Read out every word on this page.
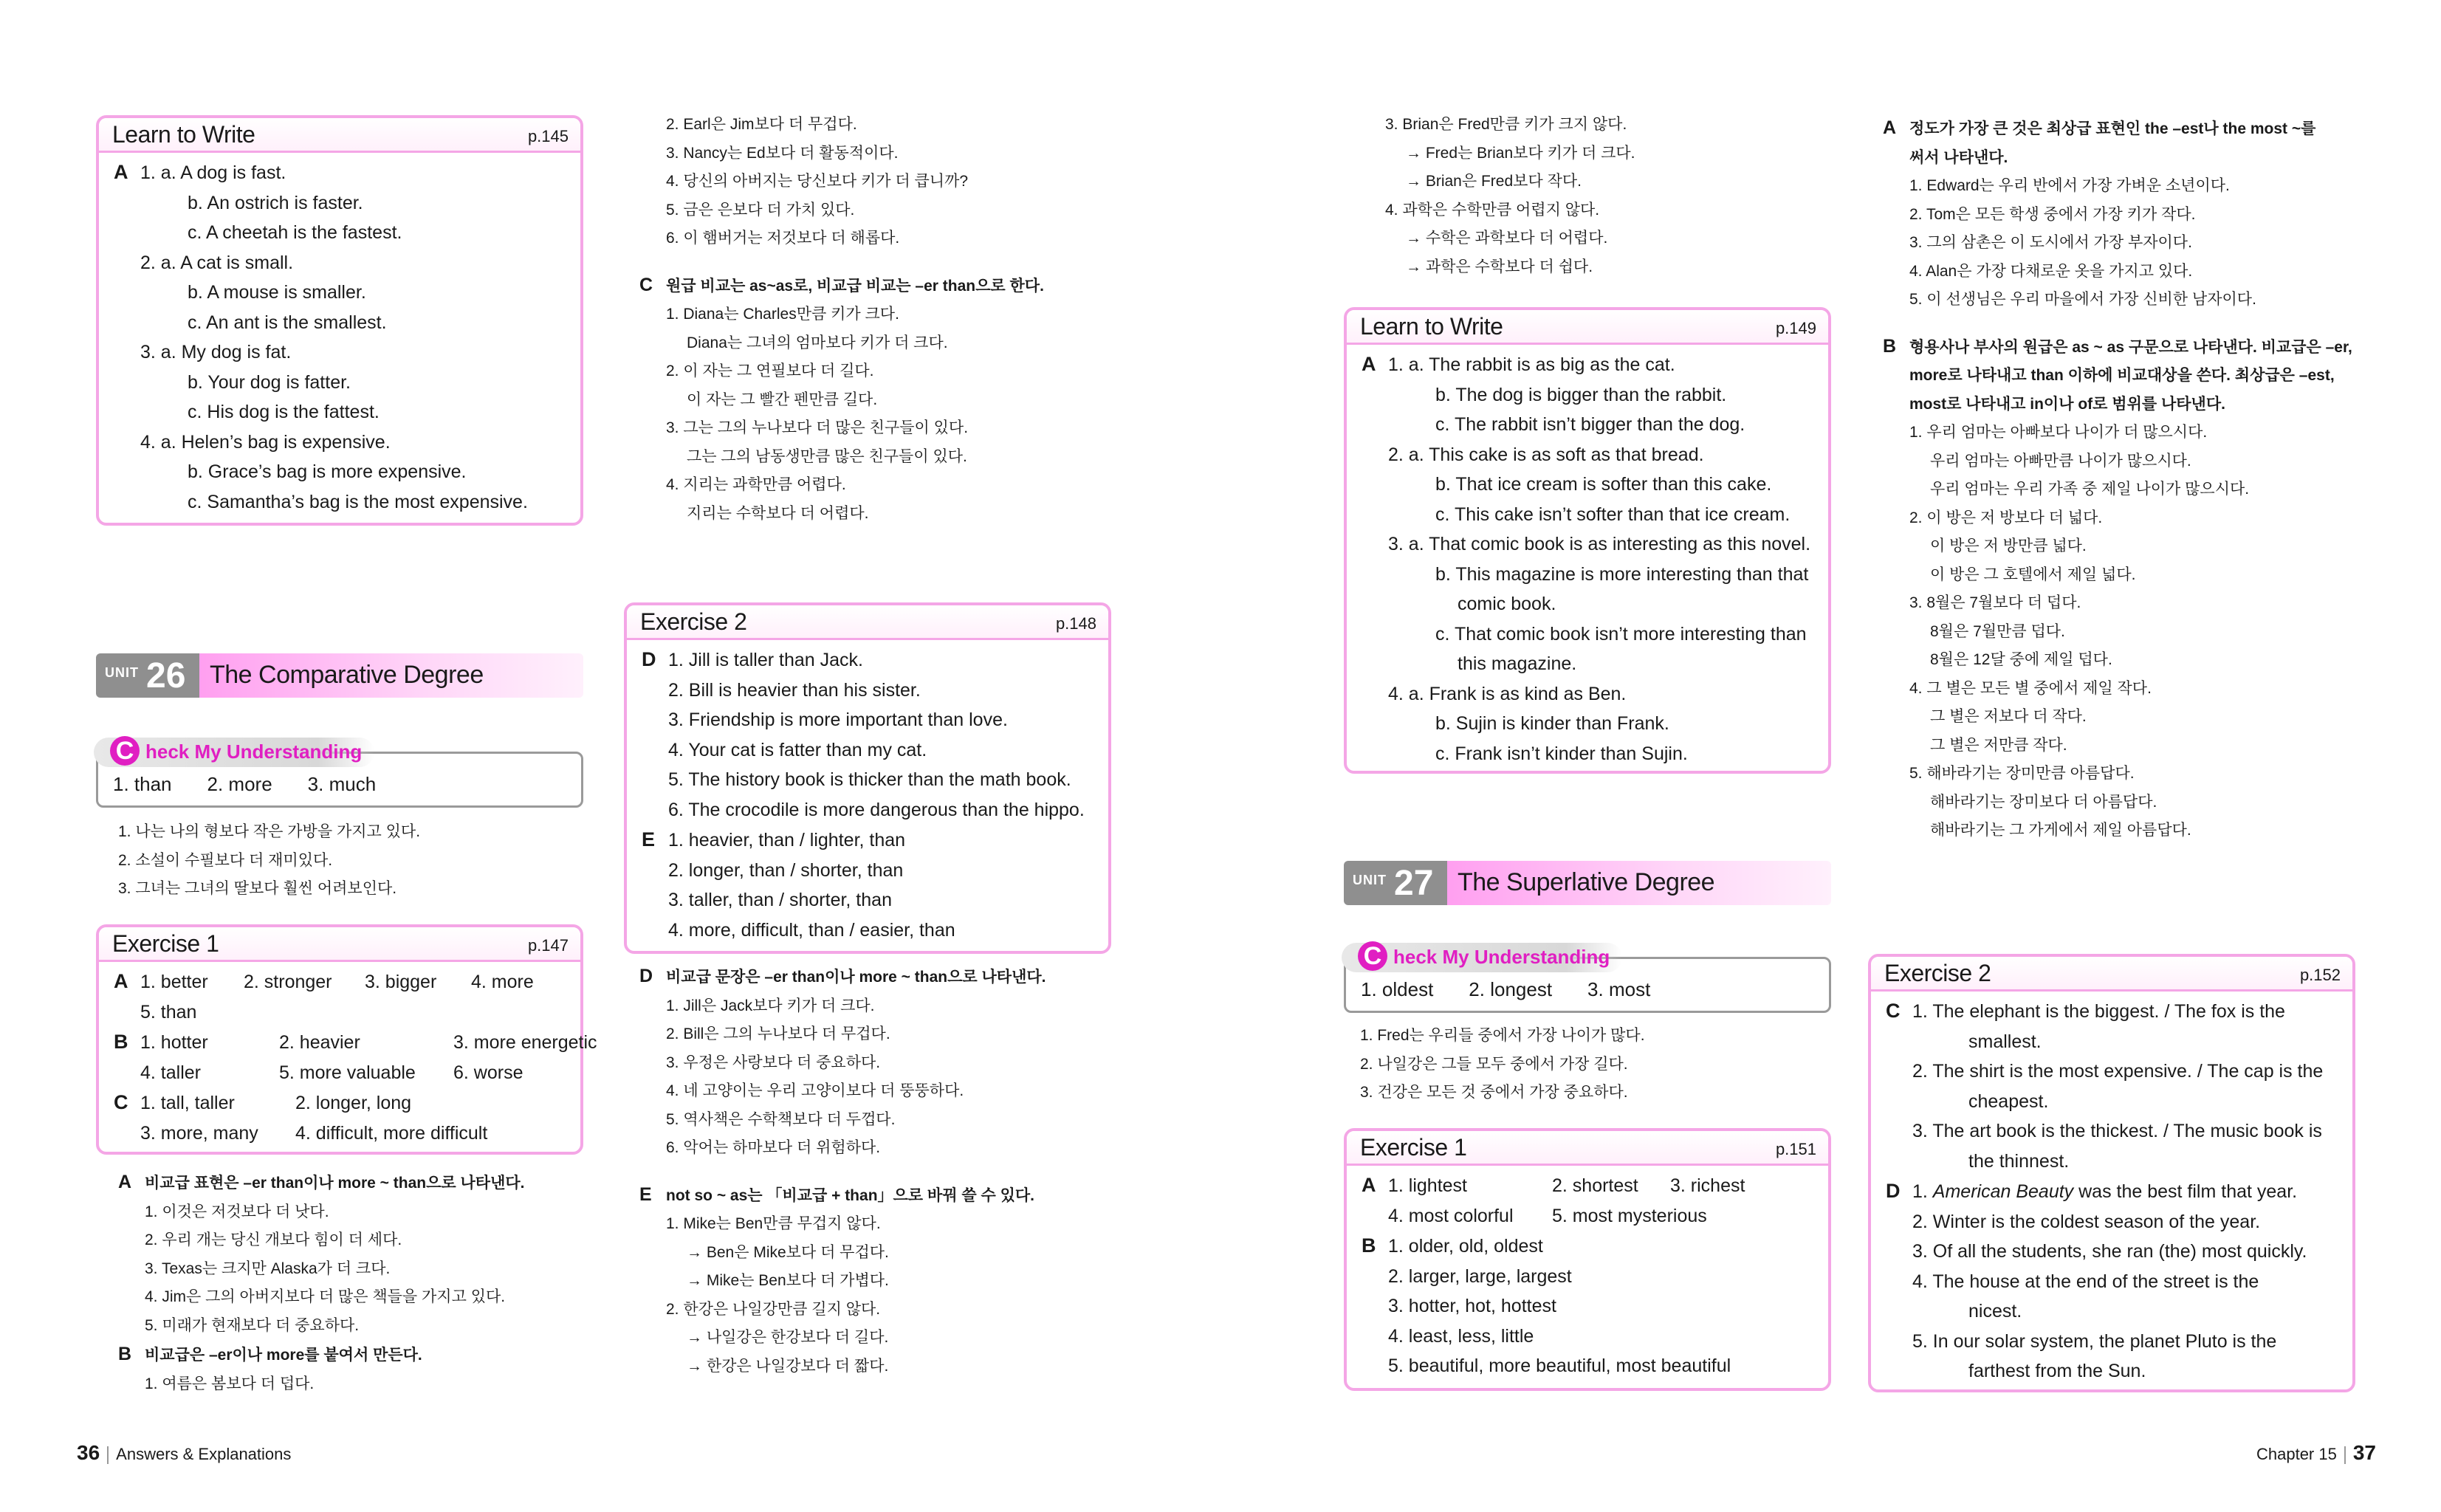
Learn to Write	p.145
A 1. a. A dog is fast.
b. An ostrich is faster.
c. A cheetah is the fastest.
2. a. A cat is small.
b. A mouse is smaller.
c. An ant is the smallest.
3. a. My dog is fat.
b. Your dog is fatter.
c. His dog is the fattest.
4. a. Helen’s bag is expensive.
b. Grace’s bag is more expensive.
c. Samantha’s bag is the most expensive.
UNIT 26 The Comparative Degree
C heck My Understanding
1. than 2. more 3. much
1. 나는 나의 형보다 작은 가방을 가지고 있다.
2. 소설이 수필보다 더 재미있다.
3. 그녀는 그녀의 딸보다 훨씬 어려보인다.
Exercise 1	p.147
A 1. better 2. stronger 3. bigger 4. more
5. than
B 1. hotter	2. heavier	3. more energetic
4. taller	5. more valuable 6. worse
C 1. tall, taller	2. longer, long
3. more, many 4. difficult, more difficult
A 비교급 표현은 –er than이나 more ~ than으로 나타낸다.
1. 이것은 저것보다 더 낫다.
2. 우리 개는 당신 개보다 힘이 더 세다.
3. Texas는 크지만 Alaska가 더 크다.
4. Jim은 그의 아버지보다 더 많은 책들을 가지고 있다.
5. 미래가 현재보다 더 중요하다.
B 비교급은 –er이나 more를 붙여서 만든다.
1. 여름은 봄보다 더 덥다.
2. Earl은 Jim보다 더 무겁다.
3. Nancy는 Ed보다 더 활동적이다.
4. 당신의 아버지는 당신보다 키가 더 큽니까?
5. 금은 은보다 더 가치 있다.
6. 이 햄버거는 저것보다 더 해롭다.
C 원급 비교는 as~as로, 비교급 비교는 –er than으로 한다.
1. Diana는 Charles만큼 키가 크다.
Diana는 그녀의 엄마보다 키가 더 크다.
2. 이 자는 그 연필보다 더 길다.
이 자는 그 빨간 펜만큼 길다.
3. 그는 그의 누나보다 더 많은 친구들이 있다.
그는 그의 남동생만큼 많은 친구들이 있다.
4. 지리는 과학만큼 어렵다.
지리는 수학보다 더 어렵다.
Exercise 2	p.148
D 1. Jill is taller than Jack.
2. Bill is heavier than his sister.
3. Friendship is more important than love.
4. Your cat is fatter than my cat.
5. The history book is thicker than the math book.
6. The crocodile is more dangerous than the hippo.
E 1. heavier, than / lighter, than
2. longer, than / shorter, than
3. taller, than / shorter, than
4. more, difficult, than / easier, than
D 비교급 문장은 –er than이나 more ~ than으로 나타낸다.
1. Jill은 Jack보다 키가 더 크다.
2. Bill은 그의 누나보다 더 무겁다.
3. 우정은 사랑보다 더 중요하다.
4. 네 고양이는 우리 고양이보다 더 뚱뚱하다.
5. 역사책은 수학책보다 더 두껍다.
6. 악어는 하마보다 더 위험하다.
E not so ~ as는 「비교급 + than」으로 바꿔 쓸 수 있다.
1. Mike는 Ben만큼 무겁지 않다.
→ Ben은 Mike보다 더 무겁다.
→ Mike는 Ben보다 더 가볍다.
2. 한강은 나일강만큼 길지 않다.
→ 나일강은 한강보다 더 길다.
→ 한강은 나일강보다 더 짧다.
3. Brian은 Fred만큼 키가 크지 않다.
→ Fred는 Brian보다 키가 더 크다.
→ Brian은 Fred보다 작다.
4. 과학은 수학만큼 어렵지 않다.
→ 수학은 과학보다 더 어렵다.
→ 과학은 수학보다 더 쉽다.
Learn to Write	p.149
A 1. a. The rabbit is as big as the cat.
b. The dog is bigger than the rabbit.
c. The rabbit isn’t bigger than the dog.
2. a. This cake is as soft as that bread.
b. That ice cream is softer than this cake.
c. This cake isn’t softer than that ice cream.
3. a. That comic book is as interesting as this novel.
b. This magazine is more interesting than that
comic book.
c. That comic book isn’t more interesting than
this magazine.
4. a. Frank is as kind as Ben.
b. Sujin is kinder than Frank.
c. Frank isn’t kinder than Sujin.
UNIT 27 The Superlative Degree
C heck My Understanding
1. oldest 2. longest 3. most
1. Fred는 우리들 중에서 가장 나이가 많다.
2. 나일강은 그들 모두 중에서 가장 길다.
3. 건강은 모든 것 중에서 가장 중요하다.
Exercise 1	p.151
A 1. lightest	2. shortest 3. richest
4. most colorful 5. most mysterious
B 1. older, old, oldest
2. larger, large, largest
3. hotter, hot, hottest
4. least, less, little
5. beautiful, more beautiful, most beautiful
A 정도가 가장 큰 것은 최상급 표현인 the –est나 the most ~를
써서 나타낸다.
1. Edward는 우리 반에서 가장 가벼운 소년이다.
2. Tom은 모든 학생 중에서 가장 키가 작다.
3. 그의 삼촌은 이 도시에서 가장 부자이다.
4. Alan은 가장 다채로운 옷을 가지고 있다.
5. 이 선생님은 우리 마을에서 가장 신비한 남자이다.
B 형용사나 부사의 원급은 as ~ as 구문으로 나타낸다. 비교급은 –er,
more로 나타내고 than 이하에 비교대상을 쓴다. 최상급은 –est,
most로 나타내고 in이나 of로 범위를 나타낸다.
1. 우리 엄마는 아빠보다 나이가 더 많으시다.
우리 엄마는 아빠만큼 나이가 많으시다.
우리 엄마는 우리 가족 중 제일 나이가 많으시다.
2. 이 방은 저 방보다 더 넓다.
이 방은 저 방만큼 넓다.
이 방은 그 호텔에서 제일 넓다.
3. 8월은 7월보다 더 덥다.
8월은 7월만큼 덥다.
8월은 12달 중에 제일 덥다.
4. 그 별은 모든 별 중에서 제일 작다.
그 별은 저보다 더 작다.
그 별은 저만큼 작다.
5. 해바라기는 장미만큼 아름답다.
해바라기는 장미보다 더 아름답다.
해바라기는 그 가게에서 제일 아름답다.
Exercise 2	p.152
C 1. The elephant is the biggest. / The fox is the
smallest.
2. The shirt is the most expensive. / The cap is the
cheapest.
3. The art book is the thickest. / The music book is
the thinnest.
D 1. American Beauty was the best film that year.
2. Winter is the coldest season of the year.
3. Of all the students, she ran (the) most quickly.
4. The house at the end of the street is the
nicest.
5. In our solar system, the planet Pluto is the
farthest from the Sun.
36 Answers & Explanations	Chapter 15 37
